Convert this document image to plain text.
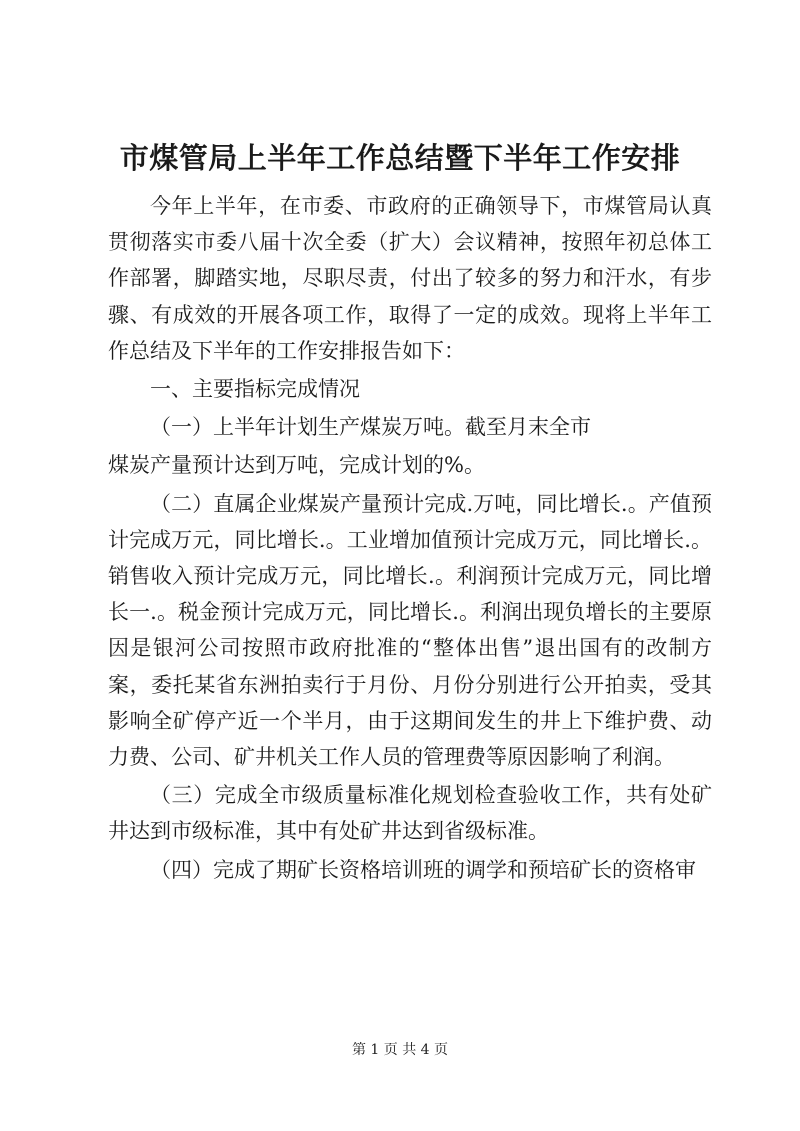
市煤管局上半年工作总结暨下半年工作安排

今年上半年，在市委、市政府的正确领导下，市煤管局认真贯彻落实市委八届十次全委（扩大）会议精神，按照年初总体工作部署，脚踏实地，尽职尽责，付出了较多的努力和汗水，有步骤、有成效的开展各项工作，取得了一定的成效。现将上半年工作总结及下半年的工作安排报告如下：

一、主要指标完成情况

（一）上半年计划生产煤炭万吨。截至月末全市

煤炭产量预计达到万吨，完成计划的%。

（二）直属企业煤炭产量预计完成.万吨，同比增长.。产值预计完成万元，同比增长.。工业增加值预计完成万元，同比增长.。销售收入预计完成万元，同比增长.。利润预计完成万元，同比增长一.。税金预计完成万元，同比增长.。利润出现负增长的主要原因是银河公司按照市政府批准的“整体出售”退出国有的改制方案，委托某省东洲拍卖行于月份、月份分别进行公开拍卖，受其影响全矿停产近一个半月，由于这期间发生的井上下维护费、动力费、公司、矿井机关工作人员的管理费等原因影响了利润。

（三）完成全市级质量标准化规划检查验收工作，共有处矿井达到市级标准，其中有处矿井达到省级标准。

（四）完成了期矿长资格培训班的调学和预培矿长的资格审

第 1 页 共 4 页
